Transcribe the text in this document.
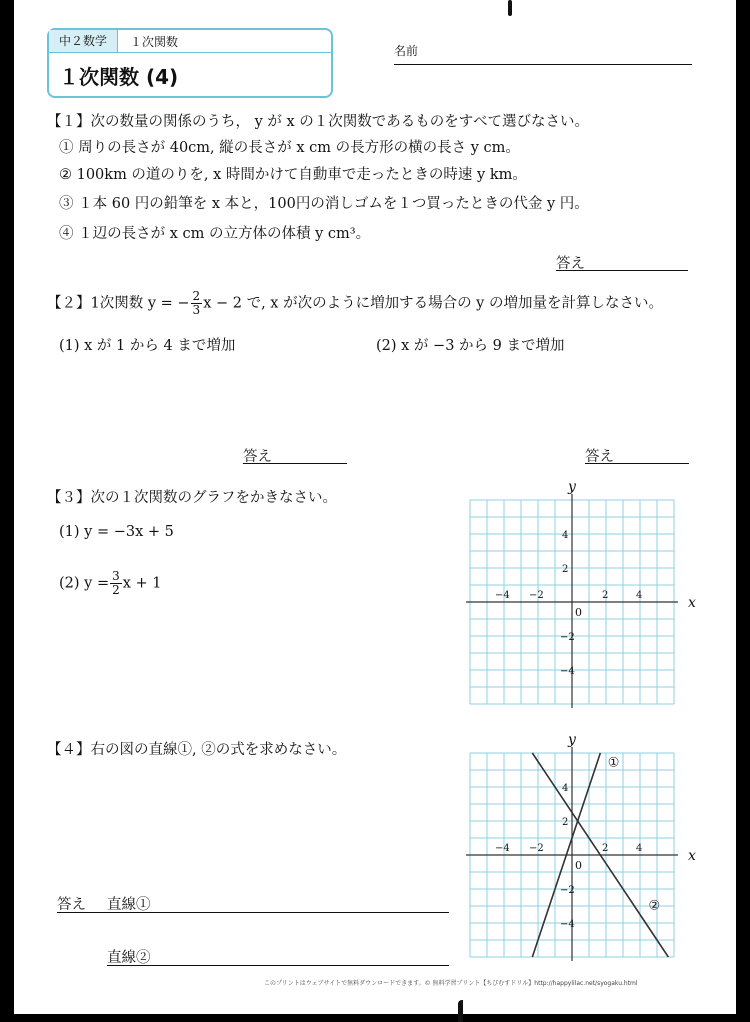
中２数学	１次関数
１次関数 (4)
名前
【１】次の数量の関係のうち， y が x の１次関数であるものをすべて選びなさい。
① 周りの長さが 40cm, 縦の長さが x cm の長方形の横の長さ y cm。
② 100km の道のりを, x 時間かけて自動車で走ったときの時速 y km。
③ １本 60 円の鉛筆を x 本と，100円の消しゴムを１つ買ったときの代金 y 円。
④ １辺の長さが x cm の立方体の体積 y cm³。
答え
【２】1次関数 y = − $\frac{2}{3}$ x − 2 で, x が次のように増加する場合の y の増加量を計算しなさい。
(1) x が 1 から 4 まで増加	(2) x が −3 から 9 まで増加
答え	答え
【３】次の１次関数のグラフをかきなさい。
(1) y = −3x + 5
(2) $y = \frac{3}{2}$ x + 1
x
y
0
−4 −2	2	4
4
2
−2
−4
【４】右の図の直線①, ②の式を求めなさい。
x
y
0
−4 −2	2	4
4
2
−2
−4
①
②
答え 直線①
直線②
このプリントはウェブサイトで無料ダウンロードできます。© 無料学習プリント【ちびむすドリル】http://happylilac.net/syogaku.html
